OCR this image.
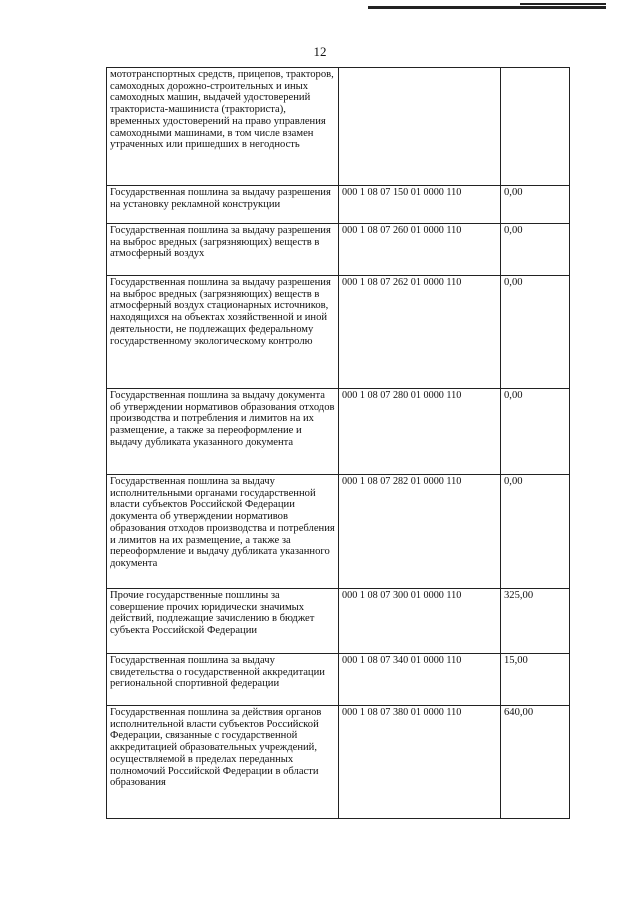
12
мототранспортных средств, прицепов, тракторов, самоходных дорожно-строительных и иных самоходных машин, выдачей удостоверений тракториста-машиниста (тракториста), временных удостоверений на право управления самоходными машинами, в том числе взамен утраченных или пришедших в негодность	

Государственная пошлина за выдачу разрешения на установку рекламной конструкции	000 1 08 07 150 01 0000 110	0,00

Государственная пошлина за выдачу разрешения на выброс вредных (загрязняющих) веществ в атмосферный воздух	000 1 08 07 260 01 0000 110	0,00

Государственная пошлина за выдачу разрешения на выброс вредных (загрязняющих) веществ в атмосферный воздух стационарных источников, находящихся на объектах хозяйственной и иной деятельности, не подлежащих федеральному государственному экологическому контролю	000 1 08 07 262 01 0000 110	0,00

Государственная пошлина за выдачу документа об утверждении нормативов образования отходов производства и потребления и лимитов на их размещение, а также за переоформление и выдачу дубликата указанного документа	000 1 08 07 280 01 0000 110	0,00

Государственная пошлина за выдачу исполнительными органами государственной власти субъектов Российской Федерации документа об утверждении нормативов образования отходов производства и потребления и лимитов на их размещение, а также за переоформление и выдачу дубликата указанного документа	000 1 08 07 282 01 0000 110	0,00

Прочие государственные пошлины за совершение прочих юридически значимых действий, подлежащие зачислению в бюджет субъекта Российской Федерации	000 1 08 07 300 01 0000 110	325,00

Государственная пошлина за выдачу свидетельства о государственной аккредитации региональной спортивной федерации	000 1 08 07 340 01 0000 110	15,00

Государственная пошлина за действия органов исполнительной власти субъектов Российской Федерации, связанные с государственной аккредитацией образовательных учреждений, осуществляемой в пределах переданных полномочий Российской Федерации в области образования	000 1 08 07 380 01 0000 110	640,00
